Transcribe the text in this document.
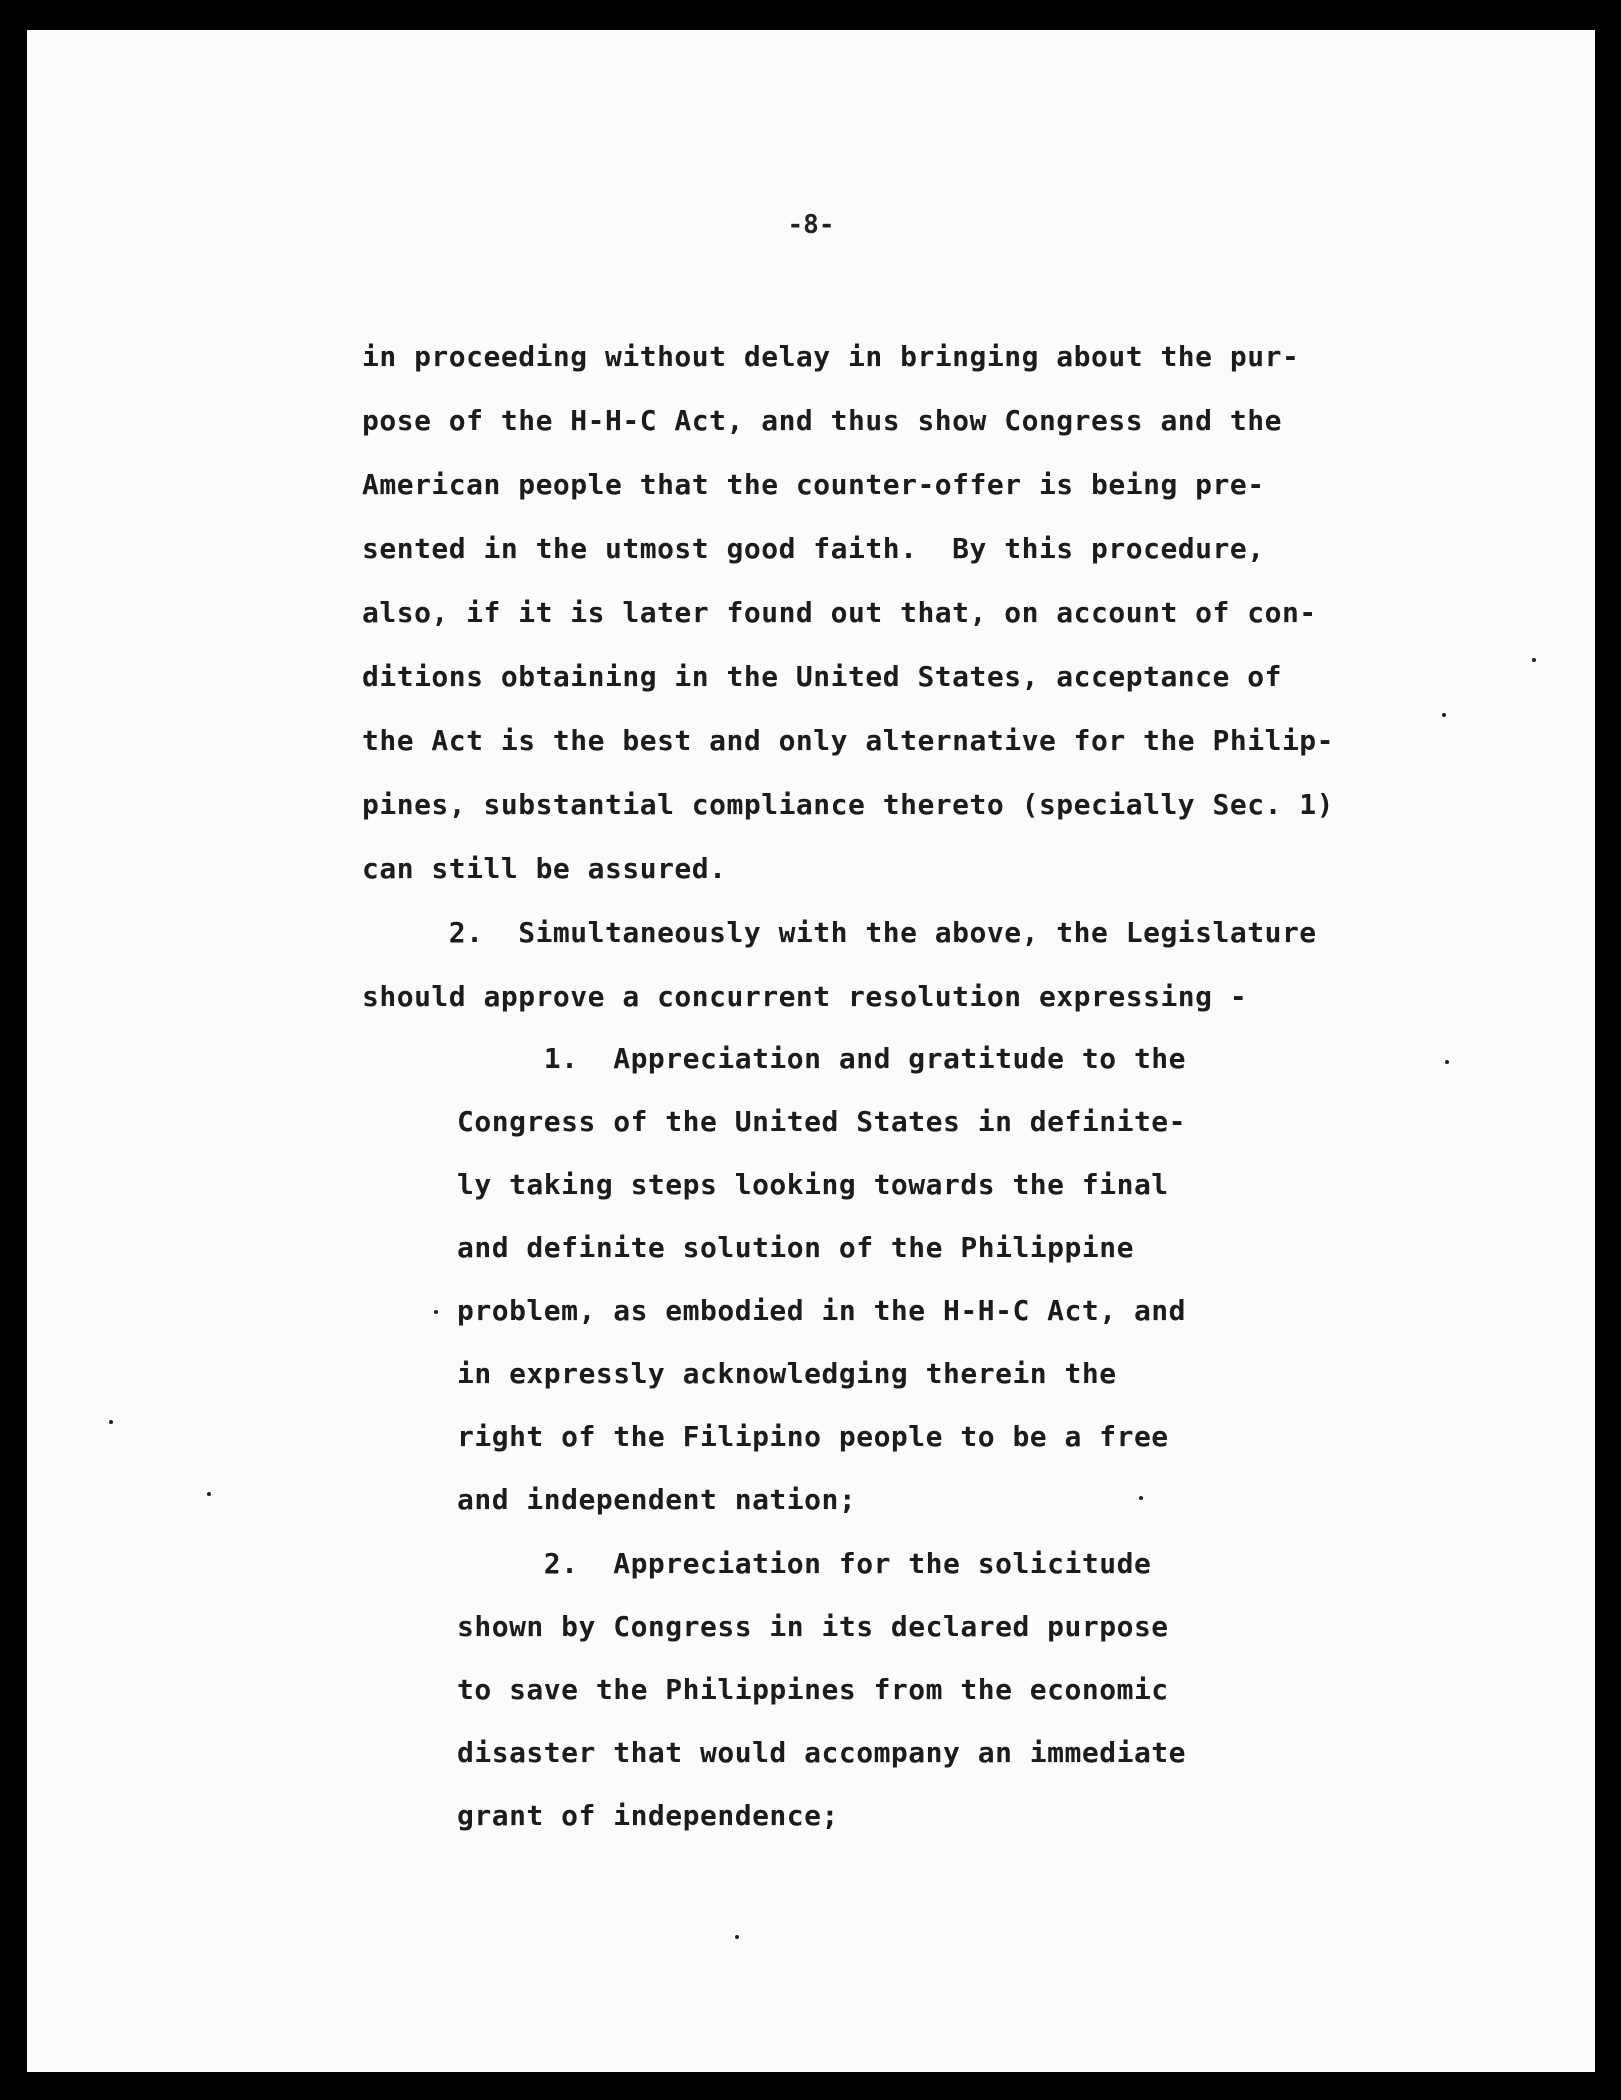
-8-
in proceeding without delay in bringing about the pur-
pose of the H-H-C Act, and thus show Congress and the
American people that the counter-offer is being pre-
sented in the utmost good faith.  By this procedure,
also, if it is later found out that, on account of con-
ditions obtaining in the United States, acceptance of
the Act is the best and only alternative for the Philip-
pines, substantial compliance thereto (specially Sec. 1)
can still be assured.
2.  Simultaneously with the above, the Legislature
should approve a concurrent resolution expressing -
1.  Appreciation and gratitude to the
Congress of the United States in definite-
ly taking steps looking towards the final
and definite solution of the Philippine
problem, as embodied in the H-H-C Act, and
in expressly acknowledging therein the
right of the Filipino people to be a free
and independent nation;
2.  Appreciation for the solicitude
shown by Congress in its declared purpose
to save the Philippines from the economic
disaster that would accompany an immediate
grant of independence;
